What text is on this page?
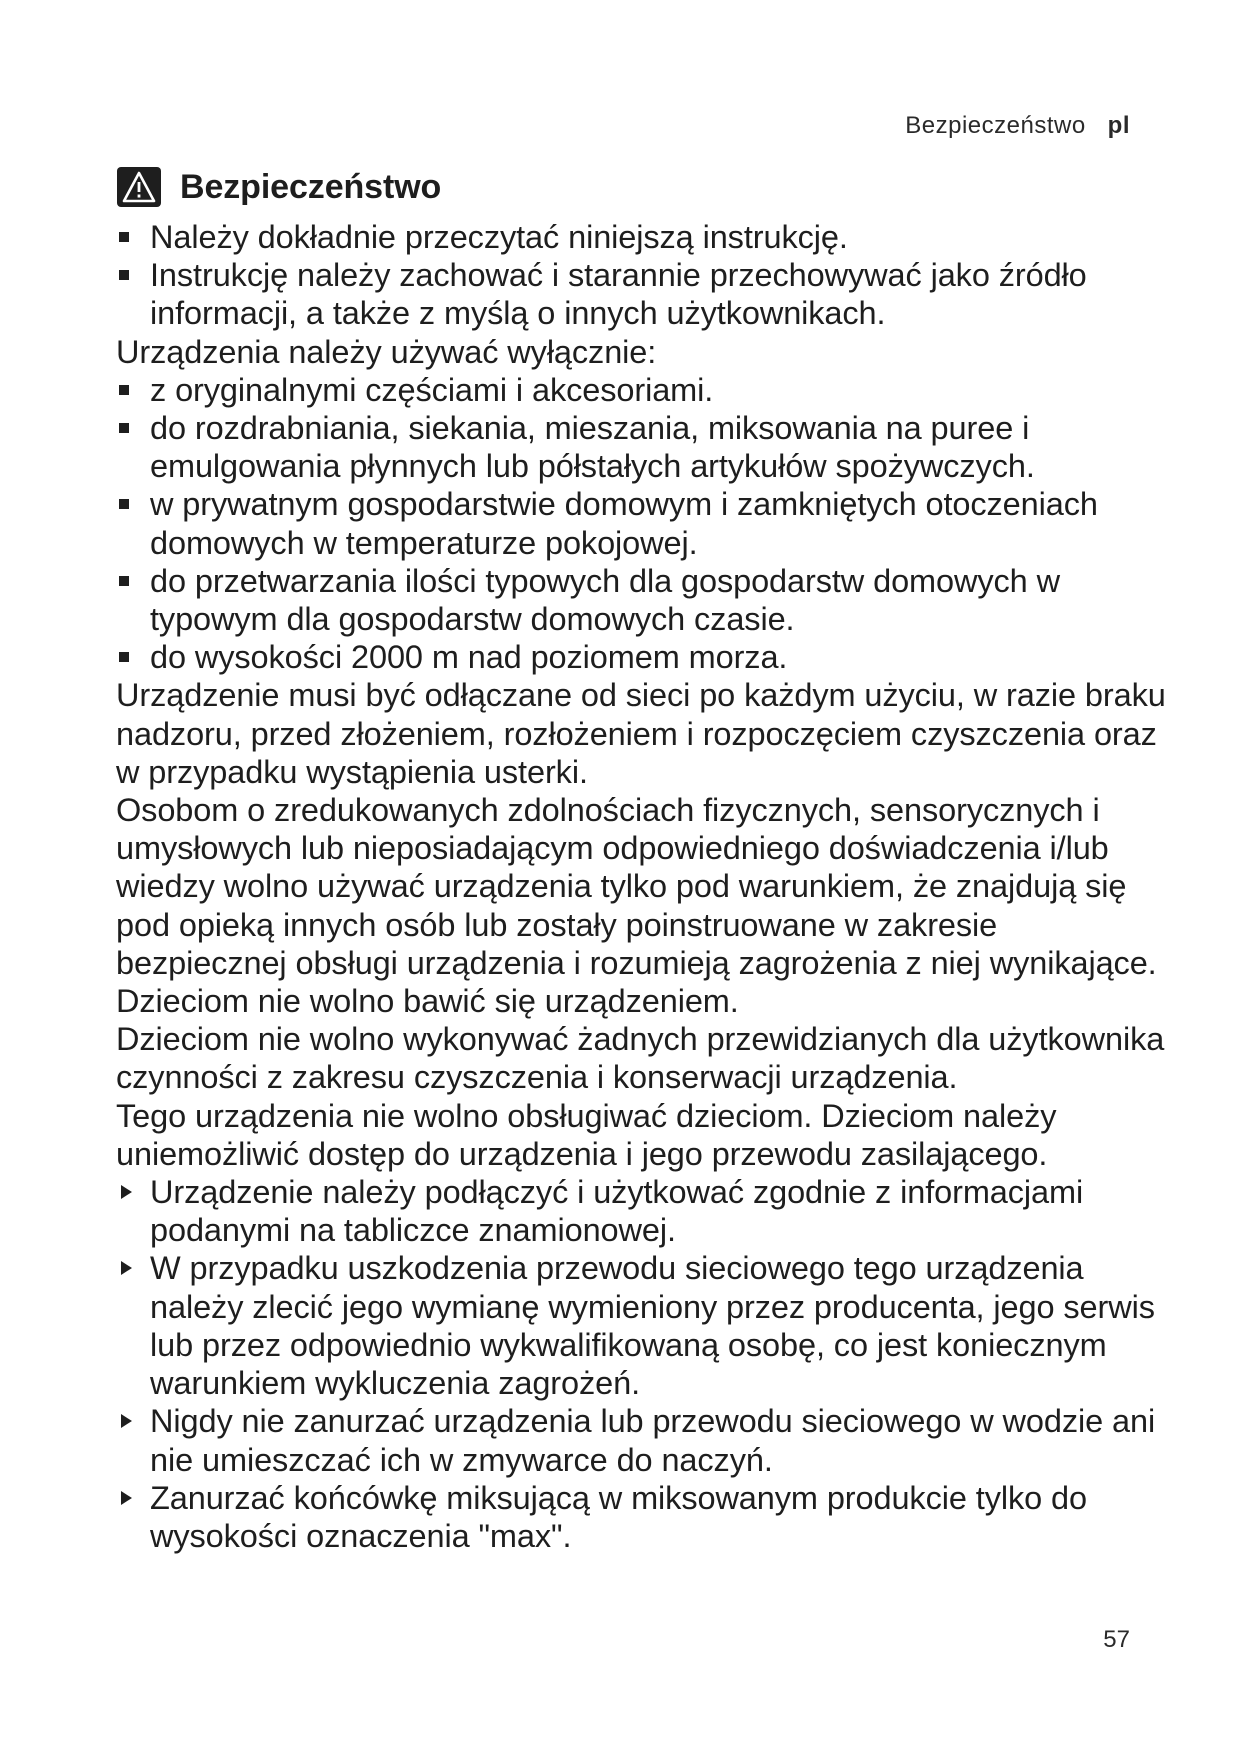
Bezpieczeństwo pl
Bezpieczeństwo
Należy dokładnie przeczytać niniejszą instrukcję.
Instrukcję należy zachować i starannie przechowywać jako źródło informacji, a także z myślą o innych użytkownikach.

Urządzenia należy używać wyłącznie:

z oryginalnymi częściami i akcesoriami.
do rozdrabniania, siekania, mieszania, miksowania na puree i emulgowania płynnych lub półstałych artykułów spożywczych.
w prywatnym gospodarstwie domowym i zamkniętych otoczeniach domowych w temperaturze pokojowej.
do przetwarzania ilości typowych dla gospodarstw domowych w typowym dla gospodarstw domowych czasie.
do wysokości 2000 m nad poziomem morza.

Urządzenie musi być odłączane od sieci po każdym użyciu, w razie braku nadzoru, przed złożeniem, rozłożeniem i rozpoczęciem czyszczenia oraz w przypadku wystąpienia usterki.

Osobom o zredukowanych zdolnościach fizycznych, sensorycznych i umysłowych lub nieposiadającym odpowiedniego doświadczenia i/lub wiedzy wolno używać urządzenia tylko pod warunkiem, że znajdują się pod opieką innych osób lub zostały poinstruowane w zakresie bezpiecznej obsługi urządzenia i rozumieją zagrożenia z niej wynikające.

Dzieciom nie wolno bawić się urządzeniem.

Dzieciom nie wolno wykonywać żadnych przewidzianych dla użytkownika czynności z zakresu czyszczenia i konserwacji urządzenia.

Tego urządzenia nie wolno obsługiwać dzieciom. Dzieciom należy uniemożliwić dostęp do urządzenia i jego przewodu zasilającego.

Urządzenie należy podłączyć i użytkować zgodnie z informacjami podanymi na tabliczce znamionowej.
W przypadku uszkodzenia przewodu sieciowego tego urządzenia należy zlecić jego wymianę wymieniony przez producenta, jego serwis lub przez odpowiednio wykwalifikowaną osobę, co jest koniecznym warunkiem wykluczenia zagrożeń.
Nigdy nie zanurzać urządzenia lub przewodu sieciowego w wodzie ani nie umieszczać ich w zmywarce do naczyń.
Zanurzać końcówkę miksującą w miksowanym produkcie tylko do wysokości oznaczenia "max".
57
